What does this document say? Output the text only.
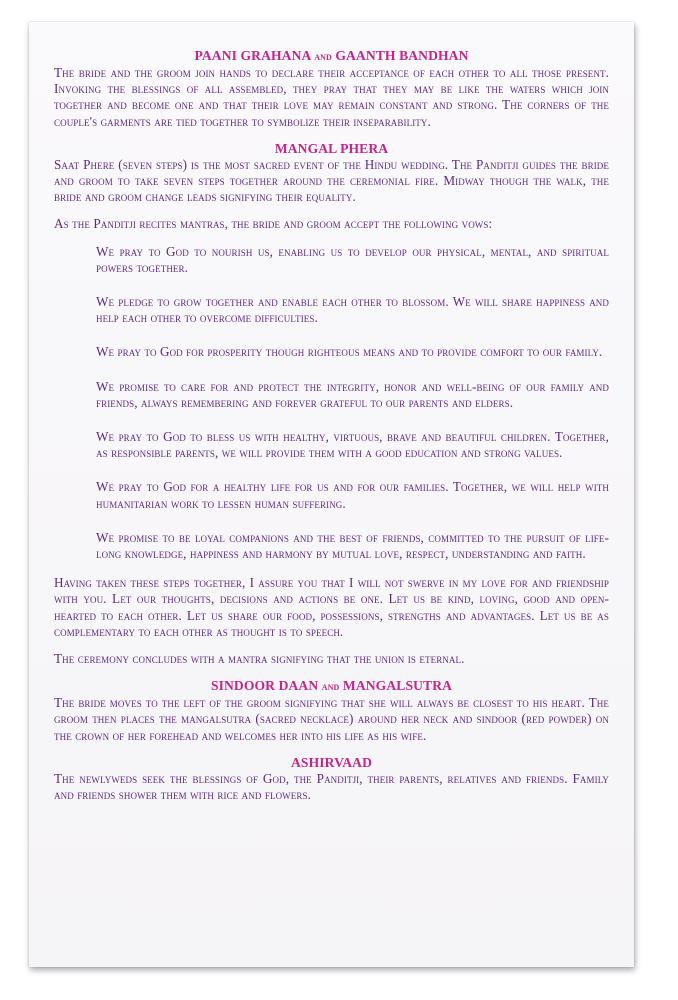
PAANI GRAHANA and GAANTH BANDHAN

The bride and the groom join hands to declare their acceptance of each other to all those present. Invoking the blessings of all assembled, they pray that they may be like the waters which join together and become one and that their love may remain constant and strong. The corners of the couple's garments are tied together to symbolize their inseparability.

MANGAL PHERA

Saat Phere (seven steps) is the most sacred event of the Hindu wedding. The Panditji guides the bride and groom to take seven steps together around the ceremonial fire. Midway though the walk, the bride and groom change leads signifying their equality.

As the Panditji recites mantras, the bride and groom accept the following vows:

We pray to God to nourish us, enabling us to develop our physical, mental, and spiritual powers together.

We pledge to grow together and enable each other to blossom. We will share happiness and help each other to overcome difficulties.

We pray to God for prosperity though righteous means and to provide comfort to our family.

We promise to care for and protect the integrity, honor and well-being of our family and friends, always remembering and forever grateful to our parents and elders.

We pray to God to bless us with healthy, virtuous, brave and beautiful children. Together, as responsible parents, we will provide them with a good education and strong values.

We pray to God for a healthy life for us and for our families. Together, we will help with humanitarian work to lessen human suffering.

We promise to be loyal companions and the best of friends, committed to the pursuit of life-long knowledge, happiness and harmony by mutual love, respect, understanding and faith.

Having taken these steps together, I assure you that I will not swerve in my love for and friendship with you. Let our thoughts, decisions and actions be one. Let us be kind, loving, good and open-hearted to each other. Let us share our food, possessions, strengths and advantages. Let us be as complementary to each other as thought is to speech.

The ceremony concludes with a mantra signifying that the union is eternal.

SINDOOR DAAN and MANGALSUTRA

The bride moves to the left of the groom signifying that she will always be closest to his heart. The groom then places the mangalsutra (sacred necklace) around her neck and sindoor (red powder) on the crown of her forehead and welcomes her into his life as his wife.

ASHIRVAAD

The newlyweds seek the blessings of God, the Panditji, their parents, relatives and friends. Family and friends shower them with rice and flowers.
